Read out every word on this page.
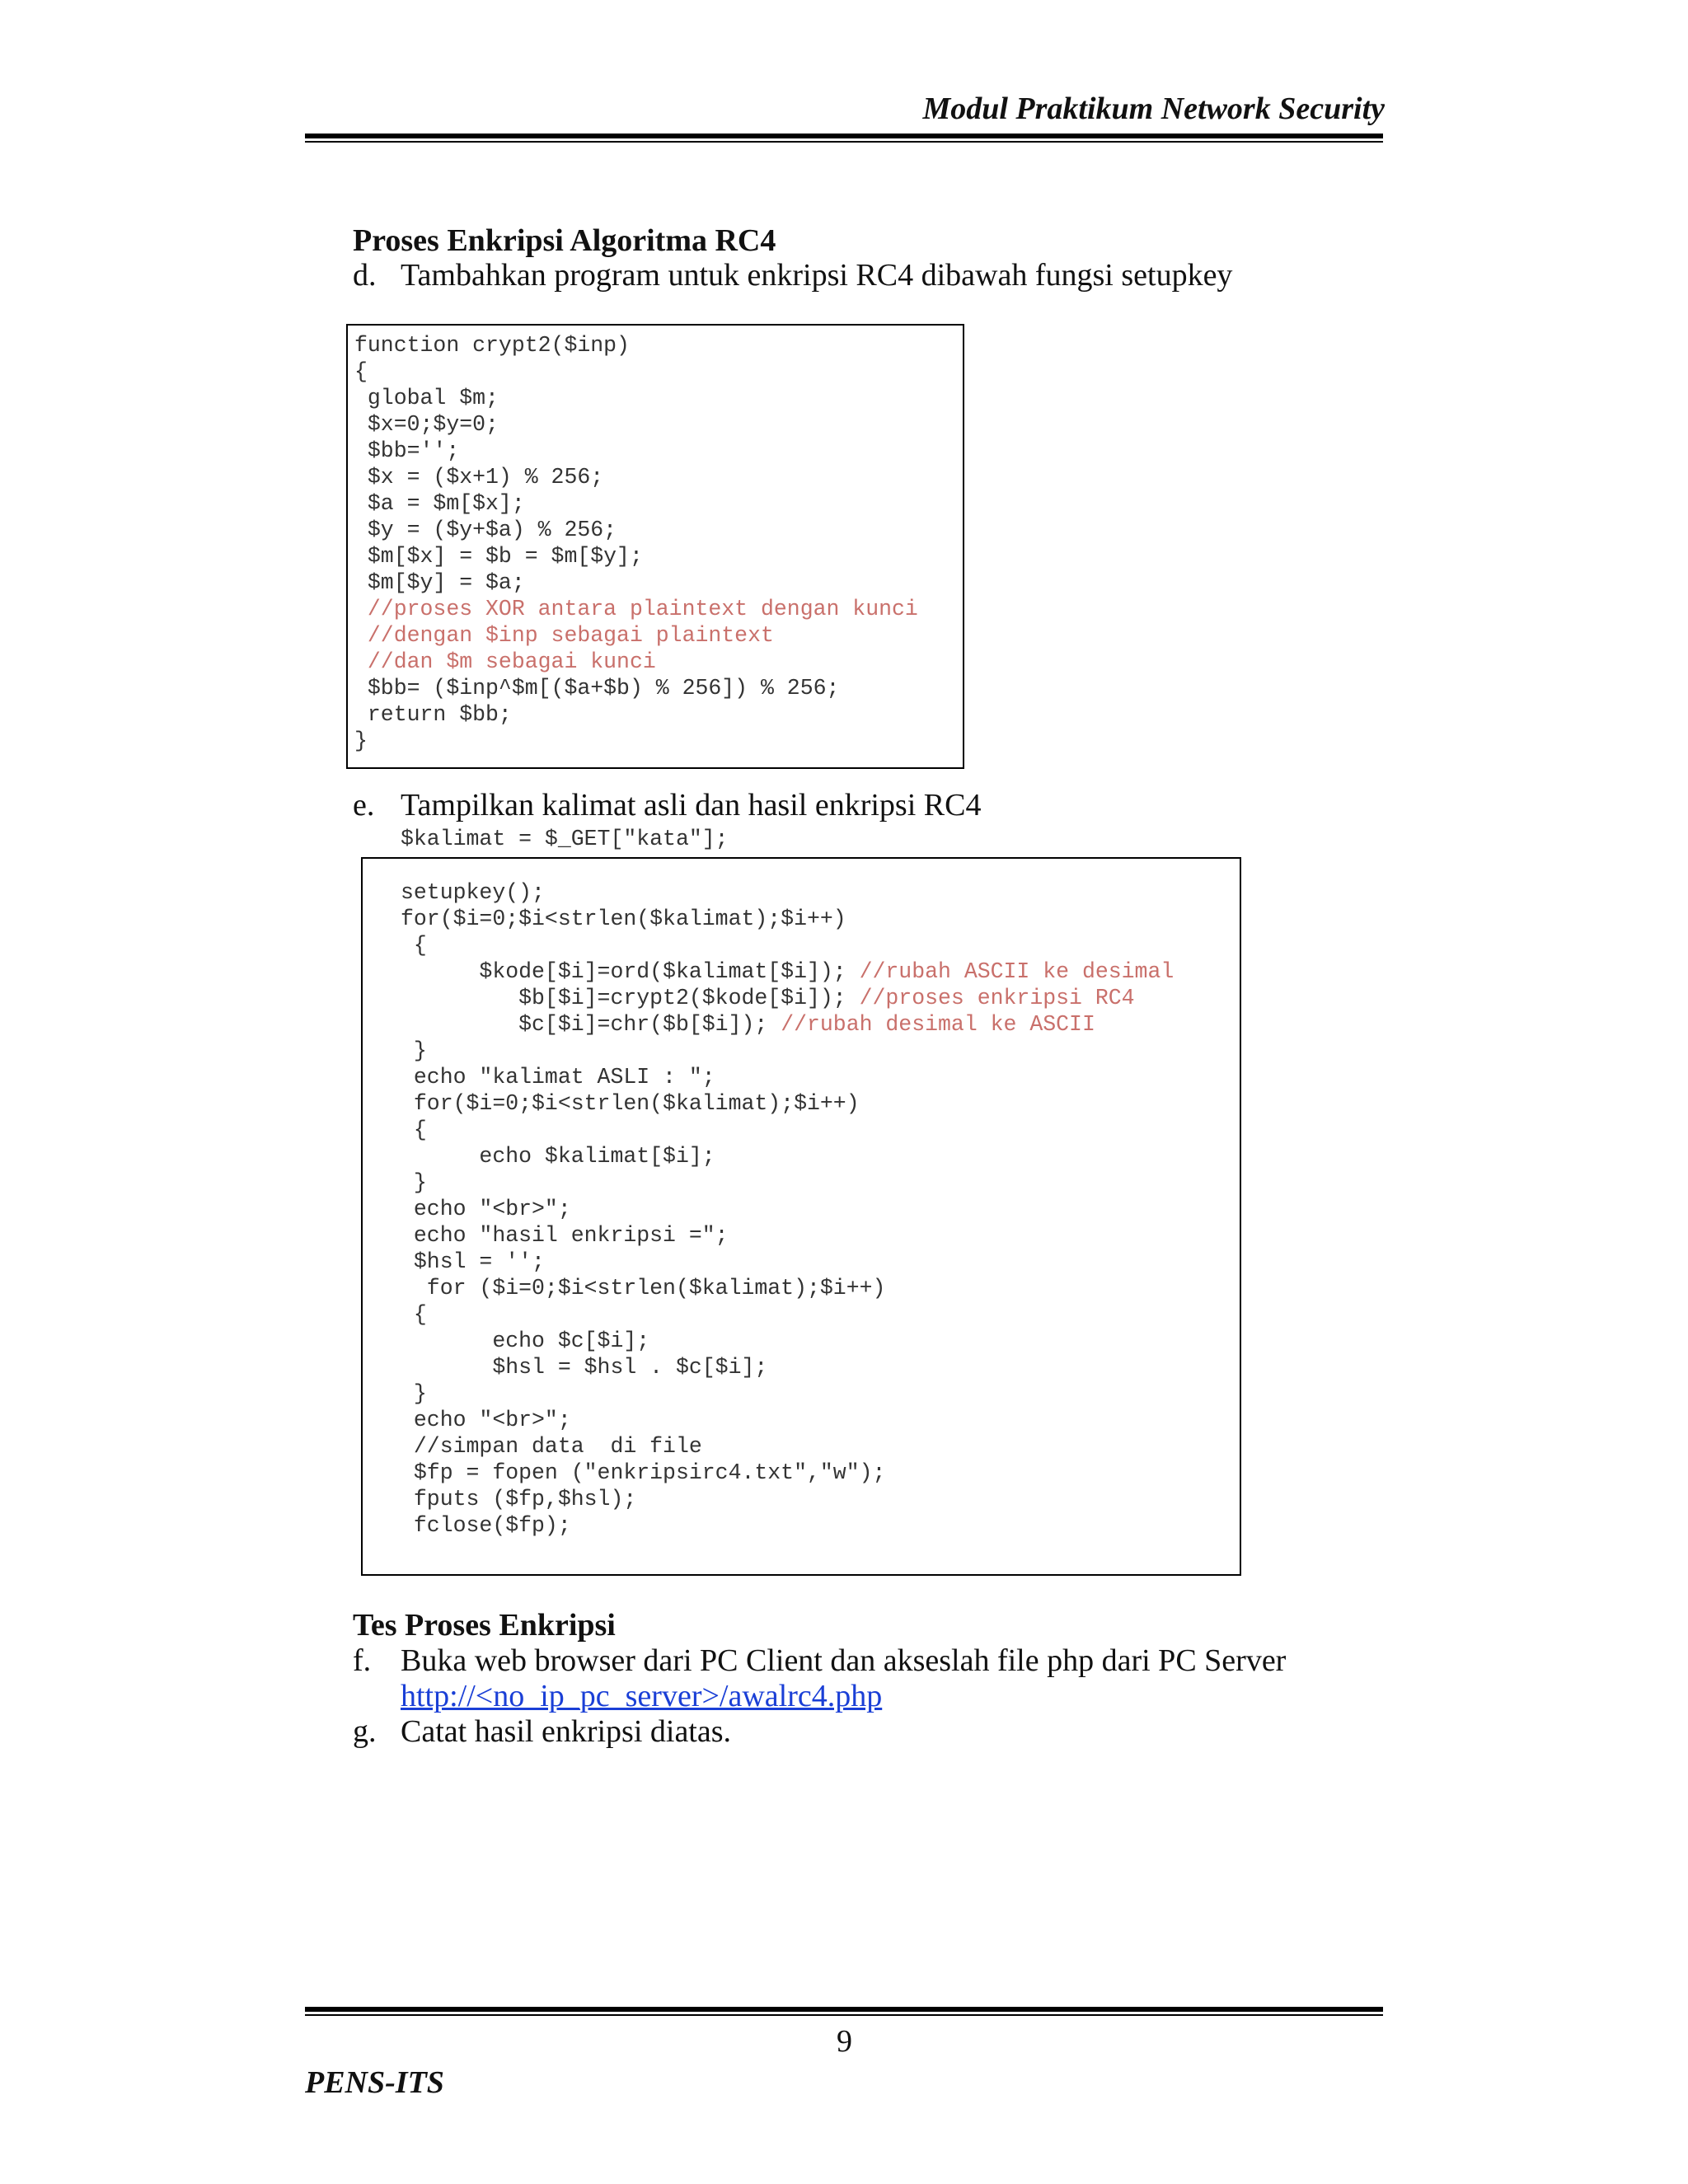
Modul Praktikum Network Security
Proses Enkripsi Algoritma RC4
d. Tambahkan program untuk enkripsi RC4 dibawah fungsi setupkey
function crypt2($inp)
{
global $m;
$x=0;$y=0;
$bb='';
$x = ($x+1) % 256;
$a = $m[$x];
$y = ($y+$a) % 256;
$m[$x] = $b = $m[$y];
$m[$y] = $a;
//proses XOR antara plaintext dengan kunci
//dengan $inp sebagai plaintext
//dan $m sebagai kunci
$bb= ($inp^$m[($a+$b) % 256]) % 256;
return $bb;
}
e. Tampilkan kalimat asli dan hasil enkripsi RC4
$kalimat = $_GET["kata"];
setupkey();
for($i=0;$i<strlen($kalimat);$i++)
{
$kode[$i]=ord($kalimat[$i]); //rubah ASCII ke desimal
$b[$i]=crypt2($kode[$i]); //proses enkripsi RC4
$c[$i]=chr($b[$i]); //rubah desimal ke ASCII
}
echo "kalimat ASLI : ";
for($i=0;$i<strlen($kalimat);$i++)
{
echo $kalimat[$i];
}
echo "<br>";
echo "hasil enkripsi =";
$hsl = '';
for ($i=0;$i<strlen($kalimat);$i++)
{
echo $c[$i];
$hsl = $hsl . $c[$i];
}
echo "<br>";
//simpan data  di file
$fp = fopen ("enkripsirc4.txt","w");
fputs ($fp,$hsl);
fclose($fp);
Tes Proses Enkripsi
f. Buka web browser dari PC Client dan akseslah file php dari PC Server
http://<no_ip_pc_server>/awalrc4.php
g. Catat hasil enkripsi diatas.
9
PENS-ITS
